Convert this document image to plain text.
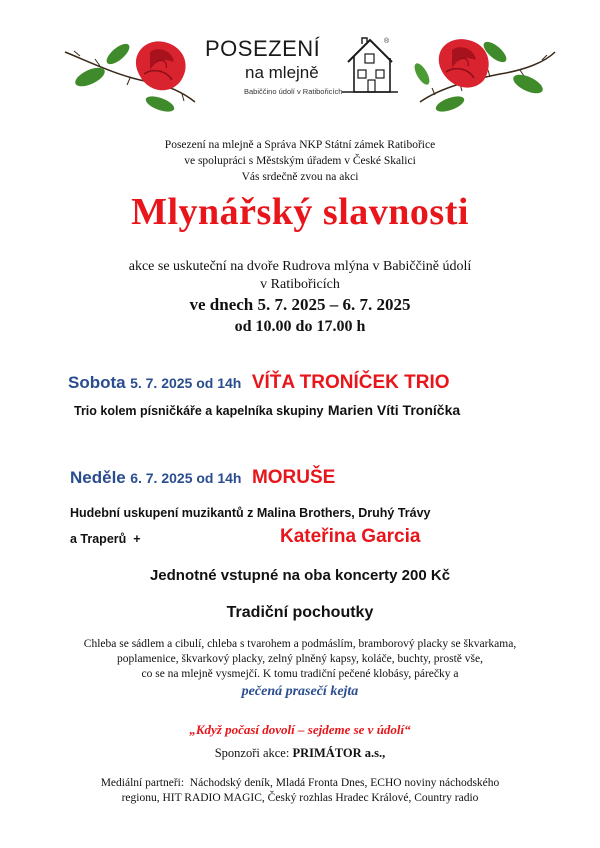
POSEZENÍ
na mlejně
Babiččino údolí v Ratibořicích
®
Posezení na mlejně a Správa NKP Státní zámek Ratibořice
ve spolupráci s Městským úřadem v České Skalici
Vás srdečně zvou na akci
Mlynářský slavnosti
akce se uskuteční na dvoře Rudrova mlýna v Babiččině údolí
v Ratibořicích
ve dnech 5. 7. 2025 – 6. 7. 2025
od 10.00 do 17.00 h
Sobota 5. 7. 2025 od 14h VÍŤA TRONÍČEK TRIO
Trio kolem písničkáře a kapelníka skupiny Marien Víti Troníčka
Neděle 6. 7. 2025 od 14h MORUŠE
Hudební uskupení muzikantů z Malina Brothers, Druhý Trávy
a Traperů  +	Kateřina Garcia
Jednotné vstupné na oba koncerty 200 Kč
Tradiční pochoutky
Chleba se sádlem a cibulí, chleba s tvarohem a podmáslím, bramborový placky se škvarkama,
poplamenice, škvarkový placky, zelný plněný kapsy, koláče, buchty, prostě vše,
co se na mlejně vysmejčí. K tomu tradiční pečené klobásy, párečky a
pečená prasečí kejta
„Když počasí dovolí – sejdeme se v údolí“
Sponzoři akce: PRIMÁTOR a.s.,
Mediální partneři:  Náchodský deník, Mladá Fronta Dnes, ECHO noviny náchodského
regionu, HIT RADIO MAGIC, Český rozhlas Hradec Králové, Country radio
